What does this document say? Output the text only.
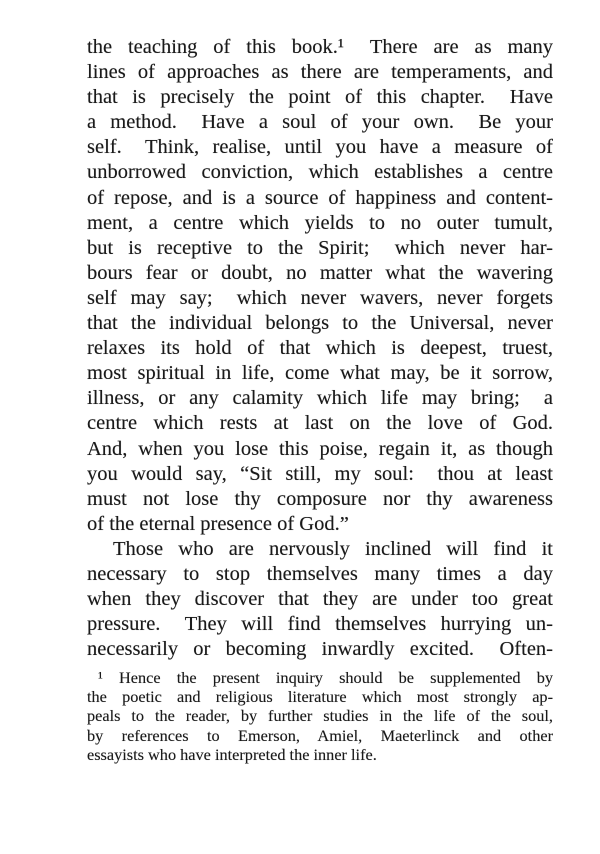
the teaching of this book.¹  There are as many
lines of approaches as there are temperaments, and
that is precisely the point of this chapter.  Have
a method.  Have a soul of your own.  Be your
self.  Think, realise, until you have a measure of
unborrowed conviction, which establishes a centre
of repose, and is a source of happiness and content-
ment, a centre which yields to no outer tumult,
but is receptive to the Spirit;  which never har-
bours fear or doubt, no matter what the wavering
self may say;  which never wavers, never forgets
that the individual belongs to the Universal, never
relaxes its hold of that which is deepest, truest,
most spiritual in life, come what may, be it sorrow,
illness, or any calamity which life may bring;  a
centre which rests at last on the love of God.
And, when you lose this poise, regain it, as though
you would say, “Sit still, my soul:  thou at least
must not lose thy composure nor thy awareness
of the eternal presence of God.”
Those who are nervously inclined will find it
necessary to stop themselves many times a day
when they discover that they are under too great
pressure.  They will find themselves hurrying un-
necessarily or becoming inwardly excited.  Often-
¹ Hence the present inquiry should be supplemented by
the poetic and religious literature which most strongly ap-
peals to the reader, by further studies in the life of the soul,
by references to Emerson, Amiel, Maeterlinck and other
essayists who have interpreted the inner life.
